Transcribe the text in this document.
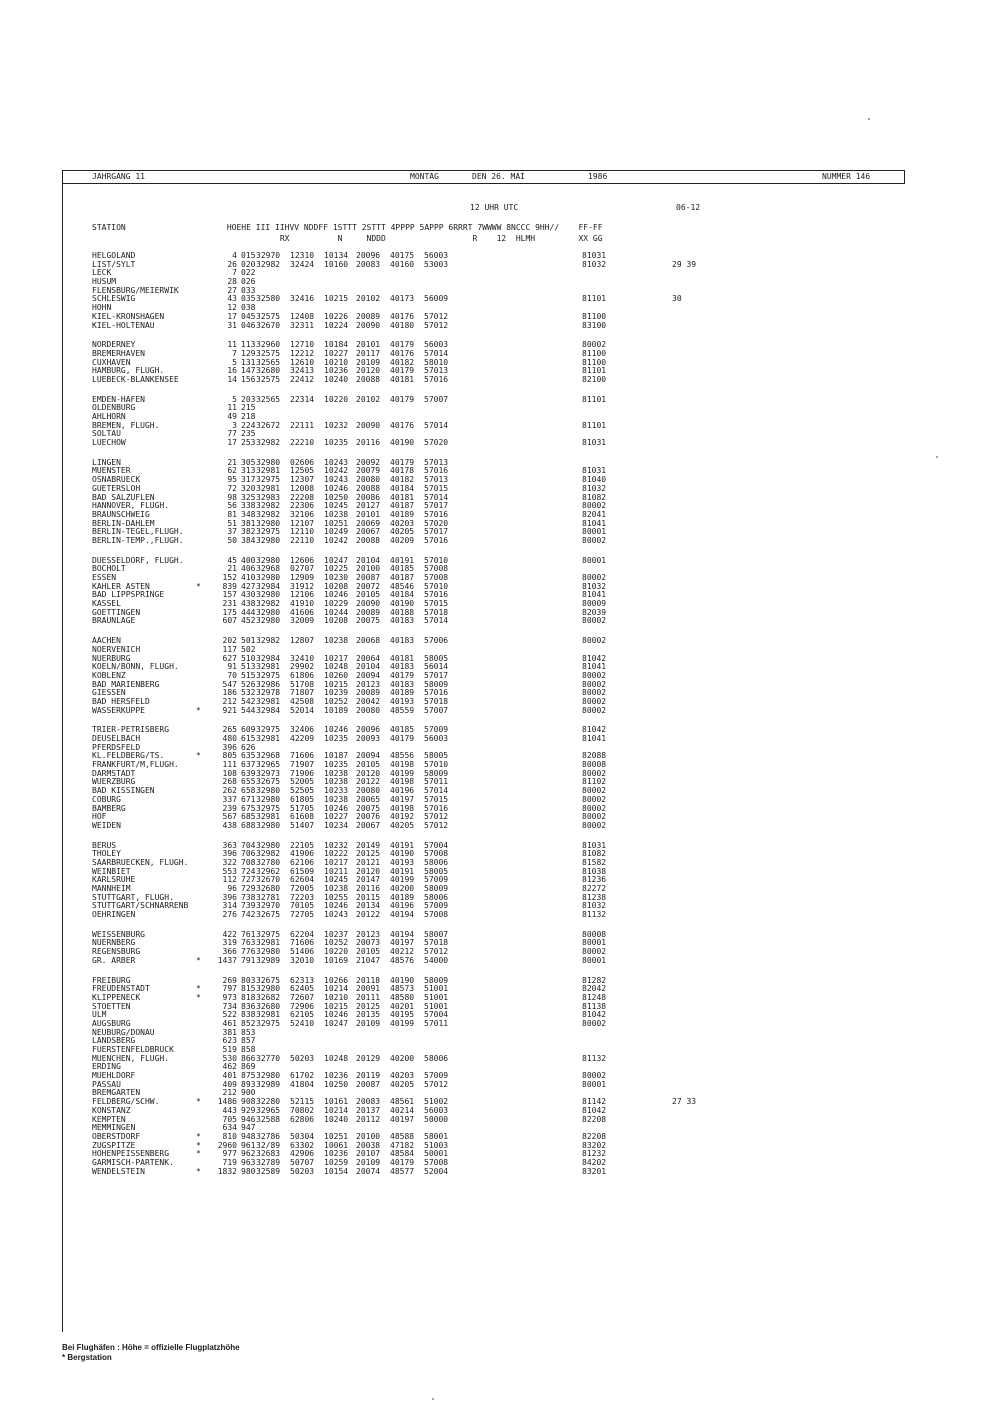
JAHRGANG 11	MONTAG	DEN 26. MAI	1986	NUMMER 146
12 UHR UTC	06-12
STATION                     HOEHE III IIHVV NDDFF 1STTT 2STTT 4PPPP 5APPP 6RRRT 7WWWW 8NCCC 9HH//    FF-FF
RX          N     NDDD                  R    12  HLMH         XX GG
HELGOLAND	4 015 32970 12310 10134 20096 40175 56003	81031
LIST/SYLT	26 020 32982 32424 10160 20083 40160 53003	81032	29 39
LECK	7 022
HUSUM	28 026
FLENSBURG/MEIERWIK	27 033
SCHLESWIG	43 035 32580 32416 10215 20102 40173 56009	81101	30
HOHN	12 038
KIEL-KRONSHAGEN	17 045 32575 12408 10226 20089 40176 57012	81100
KIEL-HOLTENAU	31 046 32670 32311 10224 20090 40180 57012	83100
NORDERNEY	11 113 32960 12710 10184 20101 40179 56003	80002
BREMERHAVEN	7 129 32575 12212 10227 20117 40176 57014	81100
CUXHAVEN	5 131 32565 12610 10210 20109 40182 58010	81100
HAMBURG, FLUGH.	16 147 32680 32413 10236 20120 40179 57013	81101
LUEBECK-BLANKENSEE	14 156 32575 22412 10240 20088 40181 57016	82100
EMDEN-HAFEN	5 203 32565 22314 10220 20102 40179 57007	81101
OLDENBURG	11 215
AHLHORN	49 218
BREMEN, FLUGH.	3 224 32672 22111 10232 20090 40176 57014	81101
SOLTAU	77 235
LUECHOW	17 253 32982 22210 10235 20116 40190 57020	81031
LINGEN	21 305 32980 02606 10243 20092 40179 57013
MUENSTER	62 313 32981 12505 10242 20079 40178 57016	81031
OSNABRUECK	95 317 32975 12307 10243 20080 40182 57013	81040
GUETERSLOH	72 320 32981 12008 10246 20088 40184 57015	81032
BAD SALZUFLEN	98 325 32983 22208 10250 20086 40181 57014	81082
HANNOVER, FLUGH.	56 338 32982 22306 10245 20127 40187 57017	80002
BRAUNSCHWEIG	81 348 32982 32106 10238 20101 40189 57016	82041
BERLIN-DAHLEM	51 381 32980 12107 10251 20069 40203 57020	81041
BERLIN-TEGEL,FLUGH.	37 382 32975 12110 10249 20067 40205 57017	80001
BERLIN-TEMP.,FLUGH.	50 384 32980 22110 10242 20088 40209 57016	80002
DUESSELDORF, FLUGH.	45 400 32980 12606 10247 20104 40191 57010	80001
BOCHOLT	21 406 32968 02707 10225 20100 40185 57008
ESSEN	152 410 32980 12909 10230 20087 40187 57008	80002
KAHLER ASTEN	*	839 427 32984 31912 10208 20072 48546 57010	81032
BAD LIPPSPRINGE	157 430 32980 12106 10246 20105 40184 57016	81041
KASSEL	231 438 32982 41910 10229 20090 40190 57015	80009
GOETTINGEN	175 444 32980 41606 10244 20089 40188 57018	82039
BRAUNLAGE	607 452 32980 32009 10208 20075 40183 57014	80002
AACHEN	202 501 32982 12807 10238 20068 40183 57006	80002
NOERVENICH	117 502
NUERBURG	627 510 32984 32410 10217 20064 40181 58005	81042
KOELN/BONN, FLUGH.	91 513 32981 29902 10248 20104 40183 56014	81041
KOBLENZ	70 515 32975 61806 10260 20094 40179 57017	80002
BAD MARIENBERG	547 526 32986 51708 10215 20123 40183 58009	80002
GIESSEN	186 532 32978 71807 10239 20089 40189 57016	80002
BAD HERSFELD	212 542 32981 42508 10252 20042 40193 57018	80002
WASSERKUPPE	*	921 544 32984 52014 10189 20080 48559 57007	80002
TRIER-PETRISBERG	265 609 32975 32406 10246 20096 40185 57009	81042
DEUSELBACH	480 615 32981 42209 10235 20093 40179 56003	81041
PFERDSFELD	396 626
KL.FELDBERG/TS.	*	805 635 32968 71606 10187 20094 48556 58005	82088
FRANKFURT/M,FLUGH.	111 637 32965 71907 10235 20105 40198 57010	80008
DARMSTADT	108 639 32973 71906 10238 20120 40199 58009	80002
WUERZBURG	268 655 32675 52005 10238 20122 40198 57011	81102
BAD KISSINGEN	262 658 32980 52505 10233 20080 40196 57014	80002
COBURG	337 671 32980 61805 10238 20065 40197 57015	80002
BAMBERG	239 675 32975 51705 10246 20075 40198 57016	80002
HOF	567 685 32981 61608 10227 20076 40192 57012	80002
WEIDEN	438 688 32980 51407 10234 20067 40205 57012	80002
BERUS	363 704 32980 22105 10232 20149 40191 57004	81031
THOLEY	396 706 32982 41906 10222 20125 40190 57008	81082
SAARBRUECKEN, FLUGH.	322 708 32780 62106 10217 20121 40193 58006	81582
WEINBIET	553 724 32962 61509 10211 20120 40191 58005	81038
KARLSRUHE	112 727 32670 62604 10245 20147 40199 57009	81236
MANNHEIM	96 729 32680 72005 10238 20116 40200 58009	82272
STUTTGART, FLUGH.	396 738 32781 72203 10255 20115 40189 58006	81238
STUTTGART/SCHNARRENB	314 739 32970 70105 10246 20134 40196 57009	81032
OEHRINGEN	276 742 32675 72705 10243 20122 40194 57008	81132
WEISSENBURG	422 761 32975 62204 10237 20123 40194 58007	80008
NUERNBERG	319 763 32981 71606 10252 20073 40197 57018	80001
REGENSBURG	366 776 32980 51406 10220 20105 40212 57012	80002
GR. ARBER	*	1437 791 32989 32010 10169 21047 48576 54000	80001
FREIBURG	269 803 32675 62313 10266 20118 40190 58009	81282
FREUDENSTADT	*	797 815 32980 62405 10214 20091 48573 51001	82042
KLIPPENECK	*	973 818 32682 72607 10210 20111 48580 51001	81248
STOETTEN	734 836 32680 72906 10215 20125 40201 51001	81138
ULM	522 838 32981 62105 10246 20135 40195 57004	81042
AUGSBURG	461 852 32975 52410 10247 20109 40199 57011	80002
NEUBURG/DONAU	381 853
LANDSBERG	623 857
FUERSTENFELDBRUCK	519 858
MUENCHEN, FLUGH.	530 866 32770 50203 10248 20129 40200 58006	81132
ERDING	462 869
MUEHLDORF	401 875 32980 61702 10236 20119 40203 57009	80002
PASSAU	409 893 32989 41804 10250 20087 40205 57012	80001
BREMGARTEN	212 900
FELDBERG/SCHW.	*	1486 908 32280 52115 10161 20083 48561 51002	81142	27 33
KONSTANZ	443 929 32965 70802 10214 20137 40214 56003	81042
KEMPTEN	705 946 32588 62806 10240 20112 40197 50000	82208
MEMMINGEN	634 947
OBERSTDORF	*	810 948 32786 50304 10251 20100 48588 58001	82208
ZUGSPITZE	*	2960 961 32/89 63302 10061 20038 47182 51003	83202
HOHENPEISSENBERG	*	977 962 32683 42906 10236 20107 48584 50001	81232
GARMISCH-PARTENK.	719 963 32789 50707 10259 20109 40179 57008	84202
WENDELSTEIN	*	1832 980 32589 50203 10154 20074 48577 52004	83201
Bei Flughäfen : Höhe = offizielle Flugplatzhöhe
* Bergstation
